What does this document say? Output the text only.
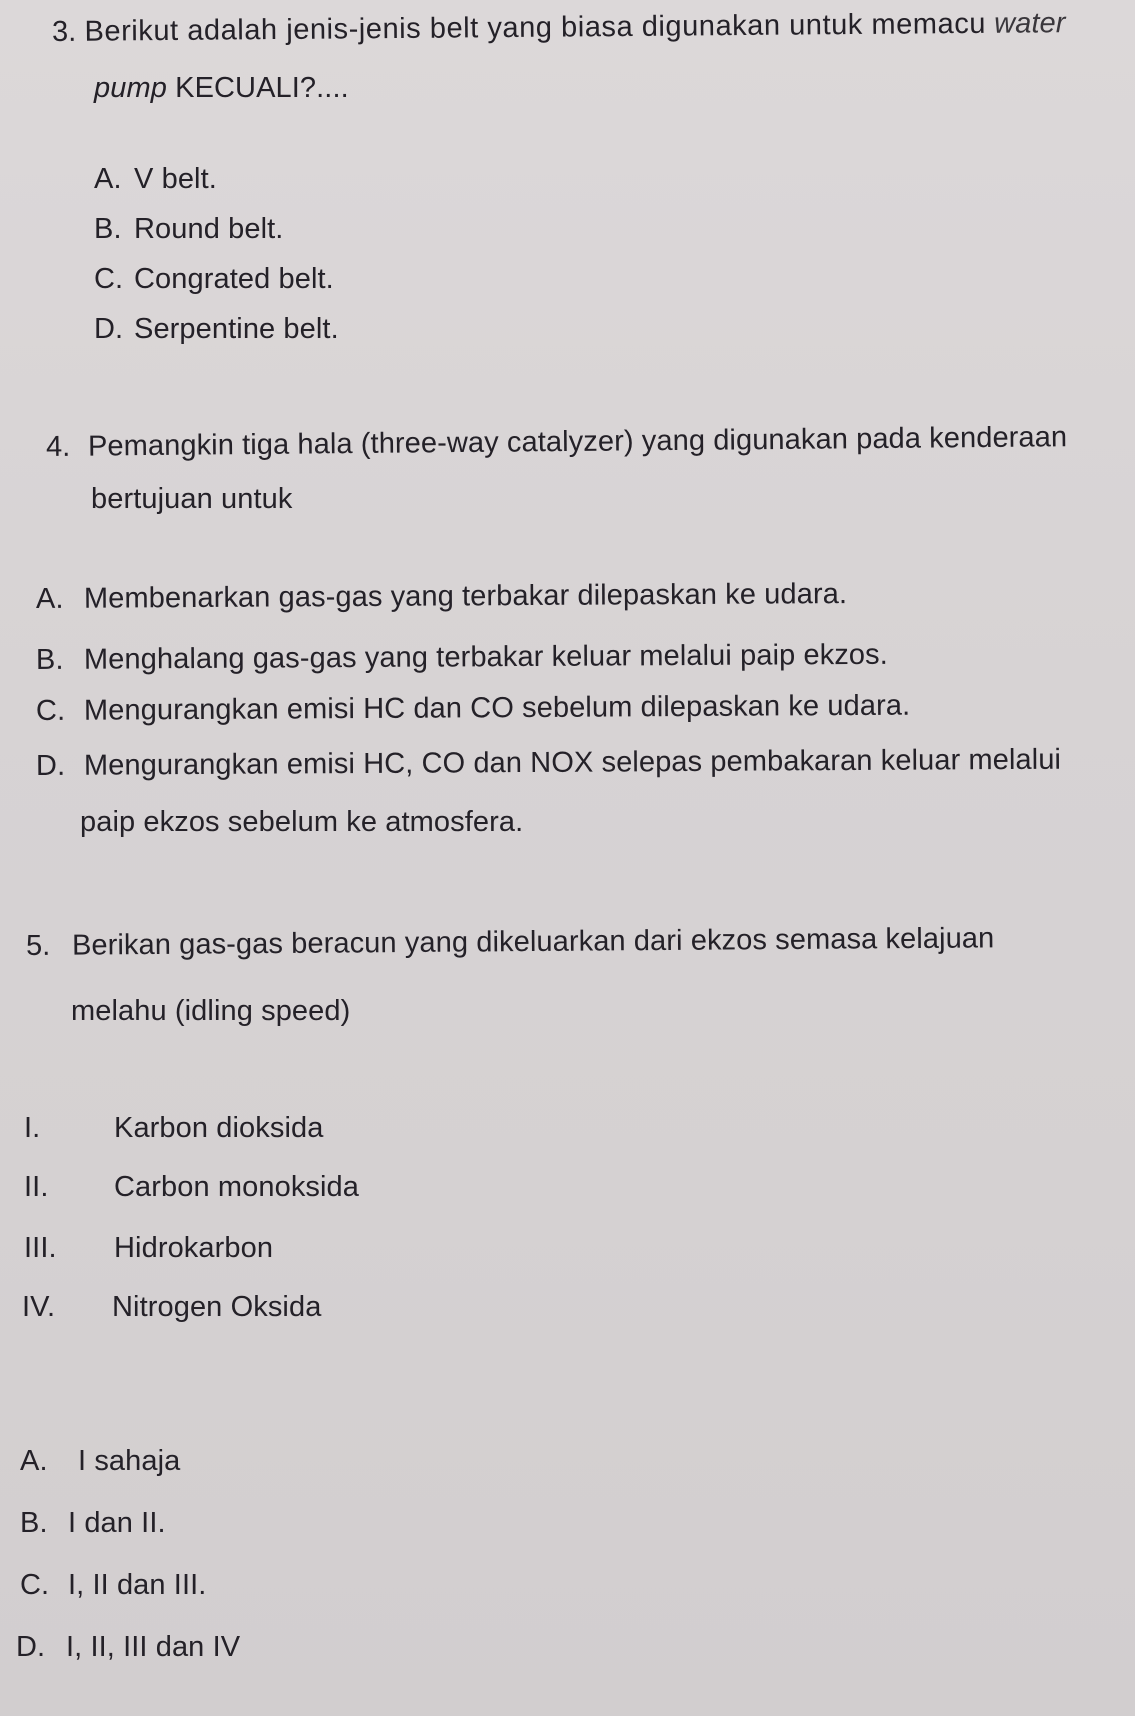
3. Berikut adalah jenis-jenis belt yang biasa digunakan untuk memacu water
pump KECUALI?....
A. V belt.
B. Round belt.
C. Congrated belt.
D. Serpentine belt.
4. Pemangkin tiga hala (three-way catalyzer) yang digunakan pada kenderaan
bertujuan untuk
A. Membenarkan gas-gas yang terbakar dilepaskan ke udara.
B. Menghalang gas-gas yang terbakar keluar melalui paip ekzos.
C. Mengurangkan emisi HC dan CO sebelum dilepaskan ke udara.
D. Mengurangkan emisi HC, CO dan NOX selepas pembakaran keluar melalui
paip ekzos sebelum ke atmosfera.
5. Berikan gas-gas beracun yang dikeluarkan dari ekzos semasa kelajuan
melahu (idling speed)
I.	Karbon dioksida
II. Carbon monoksida
III. Hidrokarbon
IV. Nitrogen Oksida
A. I sahaja
B. I dan II.
C. I, II dan III.
D. I, II, III dan IV
